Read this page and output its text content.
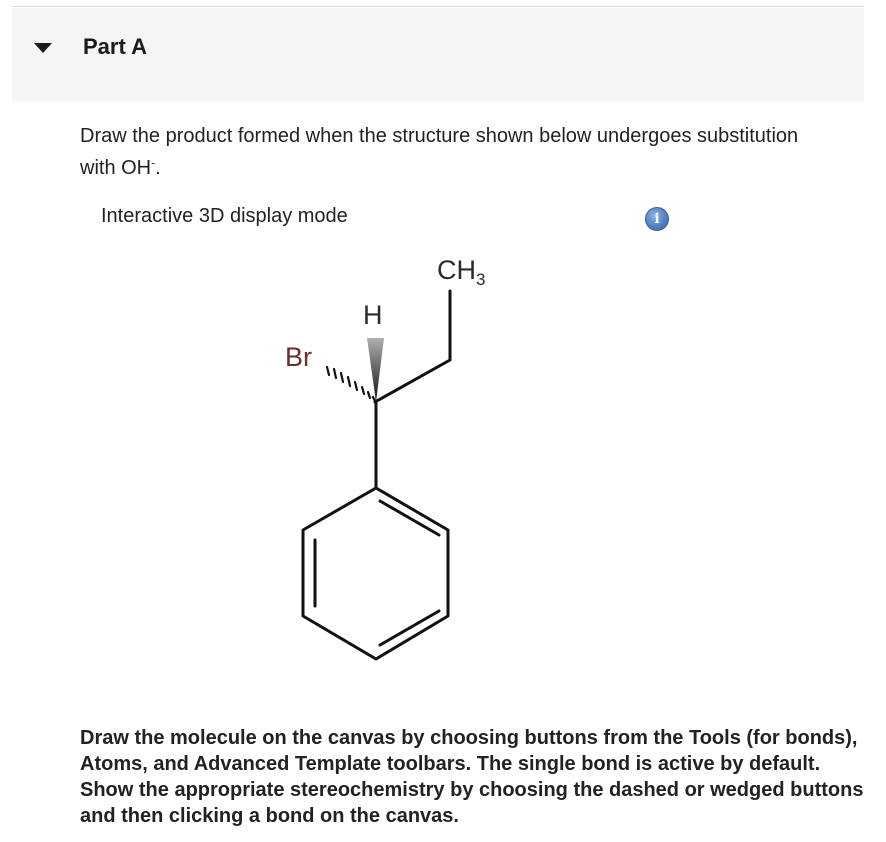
Part A
Draw the product formed when the structure shown below undergoes substitution with OH-.
Interactive 3D display mode	i
H
Br
$CH_3$
Draw the molecule on the canvas by choosing buttons from the Tools (for bonds), Atoms, and Advanced Template toolbars. The single bond is active by default. Show the appropriate stereochemistry by choosing the dashed or wedged buttons and then clicking a bond on the canvas.
